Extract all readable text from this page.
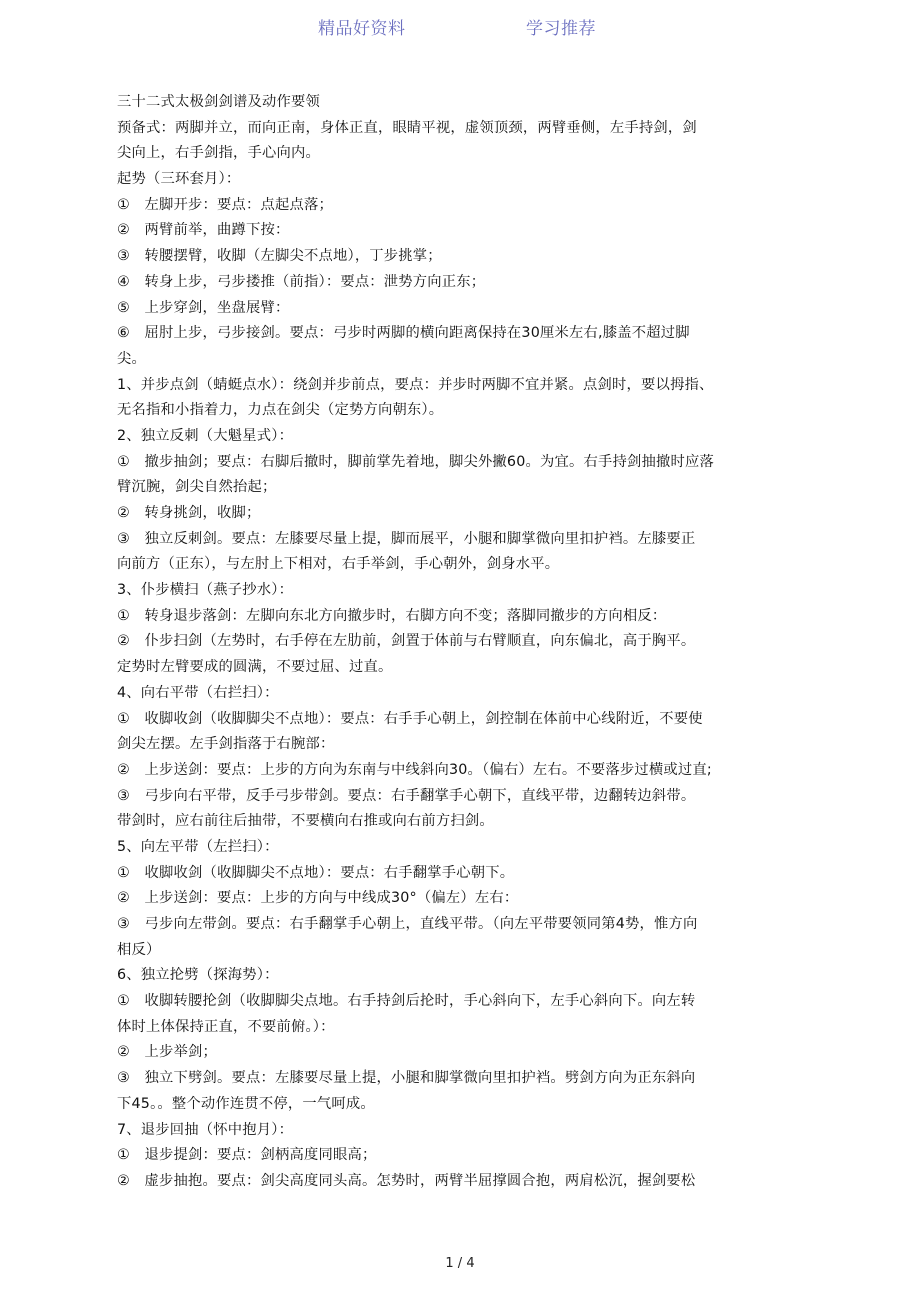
精品好资料	学习推荐
三十二式太极剑剑谱及动作要领
预备式：两脚并立，而向正南，身体正直，眼睛平视，虚领顶颈，两臂垂侧，左手持剑，剑
尖向上，右手剑指，手心向内。
起势（三环套月）：
①　左脚开步：要点：点起点落；
②　两臂前举，曲蹲下按：
③　转腰摆臂，收脚（左脚尖不点地），丁步挑掌；
④　转身上步，弓步搂推（前指）：要点：泄势方向正东；
⑤　上步穿剑，坐盘展臂：
⑥　屈肘上步，弓步接剑。要点：弓步时两脚的横向距离保持在30厘米左右,膝盖不超过脚
尖。
1、并步点剑（蜻蜓点水）：绕剑并步前点，要点：并步时两脚不宜并紧。点剑时，要以拇指、
无名指和小指着力，力点在剑尖（定势方向朝东）。
2、独立反刺（大魁星式）：
①　撤步抽剑；要点：右脚后撤时，脚前掌先着地，脚尖外撇60。为宜。右手持剑抽撤时应落
臂沉腕，剑尖自然抬起；
②　转身挑剑，收脚；
③　独立反刺剑。要点：左膝要尽量上提，脚而展平，小腿和脚掌微向里扣护裆。左膝要正
向前方（正东），与左肘上下相对，右手举剑，手心朝外，剑身水平。
3、仆步横扫（燕子抄水）：
①　转身退步落剑：左脚向东北方向撤步时，右脚方向不变；落脚同撤步的方向相反：
②　仆步扫剑（左势时，右手停在左肋前，剑置于体前与右臂顺直，向东偏北，高于胸平。
定势时左臂要成的圆满，不要过屈、过直。
4、向右平带（右拦扫）：
①　收脚收剑（收脚脚尖不点地）：要点：右手手心朝上，剑控制在体前中心线附近，不要使
剑尖左摆。左手剑指落于右腕部：
②　上步送剑：要点：上步的方向为东南与中线斜向30。（偏右）左右。不要落步过横或过直;
③　弓步向右平带，反手弓步带剑。要点：右手翻掌手心朝下，直线平带，边翻转边斜带。
带剑时，应右前往后抽带，不要横向右推或向右前方扫剑。
5、向左平带（左拦扫）：
①　收脚收剑（收脚脚尖不点地）：要点：右手翻掌手心朝下。
②　上步送剑：要点：上步的方向与中线成30°（偏左）左右：
③　弓步向左带剑。要点：右手翻掌手心朝上，直线平带。（向左平带要领同第4势，惟方向
相反）
6、独立抡劈（探海势）：
①　收脚转腰抡剑（收脚脚尖点地。右手持剑后抡时，手心斜向下，左手心斜向下。向左转
体时上体保持正直，不要前俯。）：
②　上步举剑；
③　独立下劈剑。要点：左膝要尽量上提，小腿和脚掌微向里扣护裆。劈剑方向为正东斜向
下45。。整个动作连贯不停，一气呵成。
7、退步回抽（怀中抱月）：
①　退步提剑：要点：剑柄高度同眼高；
②　虚步抽抱。要点：剑尖高度同头高。怎势时，两臂半屈撑圆合抱，两肩松沉，握剑要松
1 / 4
